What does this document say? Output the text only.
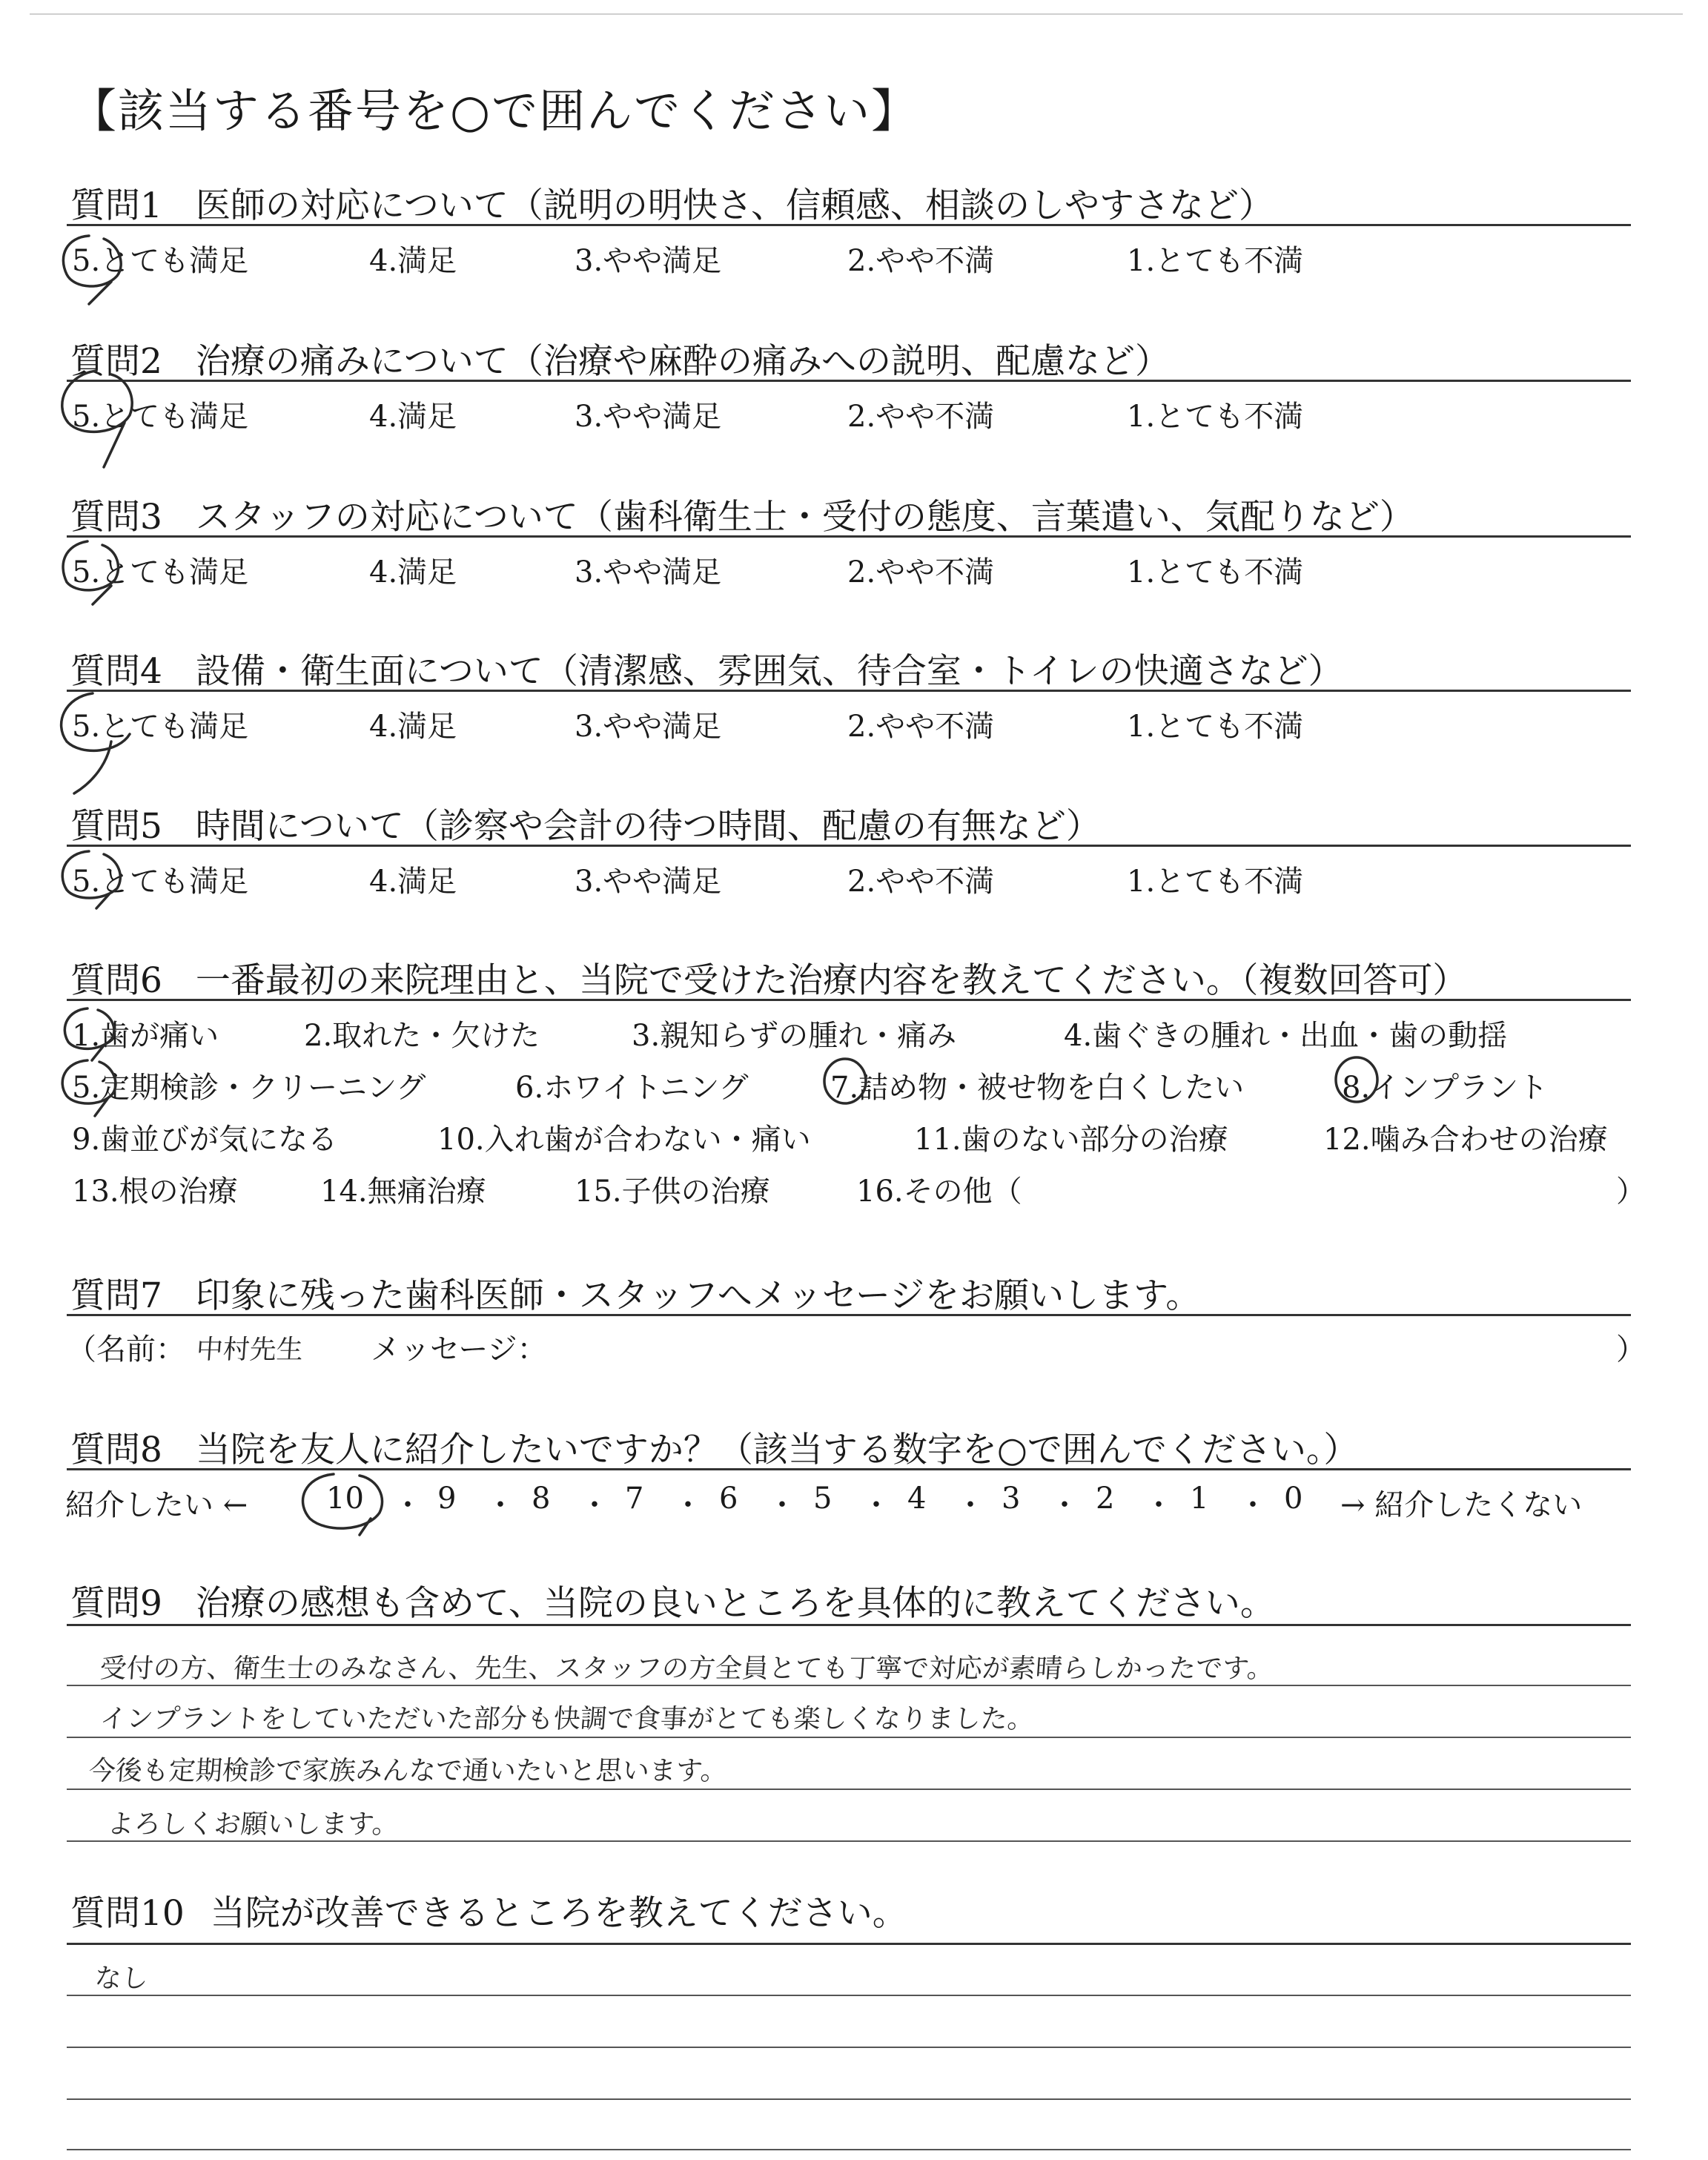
【該当する番号を○で囲んでください】
質問1 医師の対応について（説明の明快さ、信頼感、相談のしやすさなど）
5.とても満足	4.満足	3.やや満足	2.やや不満	1.とても不満
質問2 治療の痛みについて（治療や麻酔の痛みへの説明、配慮など）
5.とても満足	4.満足	3.やや満足	2.やや不満	1.とても不満
質問3 スタッフの対応について（歯科衛生士・受付の態度、言葉遣い、気配りなど）
5.とても満足	4.満足	3.やや満足	2.やや不満	1.とても不満
質問4 設備・衛生面について（清潔感、雰囲気、待合室・トイレの快適さなど）
5.とても満足	4.満足	3.やや満足	2.やや不満	1.とても不満
質問5 時間について（診察や会計の待つ時間、配慮の有無など）
5.とても満足	4.満足	3.やや満足	2.やや不満	1.とても不満
質問6 一番最初の来院理由と、当院で受けた治療内容を教えてください。（複数回答可）
1.歯が痛い	2.取れた・欠けた	3.親知らずの腫れ・痛み	4.歯ぐきの腫れ・出血・歯の動揺
5.定期検診・クリーニング	6.ホワイトニング	7.詰め物・被せ物を白くしたい	8.インプラント
9.歯並びが気になる	10.入れ歯が合わない・痛い	11.歯のない部分の治療	12.噛み合わせの治療
13.根の治療	14.無痛治療	15.子供の治療	16.その他（	）
質問7 印象に残った歯科医師・スタッフへメッセージをお願いします。
（名前： 中村先生 メッセージ：	）
質問8 当院を友人に紹介したいですか？（該当する数字を○で囲んでください。）
紹介したい ←	10 ・ 9 ・ 8 ・ 7 ・ 6 ・ 5 ・ 4 ・ 3 ・ 2 ・ 1 ・ 0 → 紹介したくない
質問9 治療の感想も含めて、当院の良いところを具体的に教えてください。
受付の方、衛生士のみなさん、先生、スタッフの方全員とても丁寧で対応が素晴らしかったです。
インプラントをしていただいた部分も快調で食事がとても楽しくなりました。
今後も定期検診で家族みんなで通いたいと思います。
よろしくお願いします。
質問10 当院が改善できるところを教えてください。
なし
